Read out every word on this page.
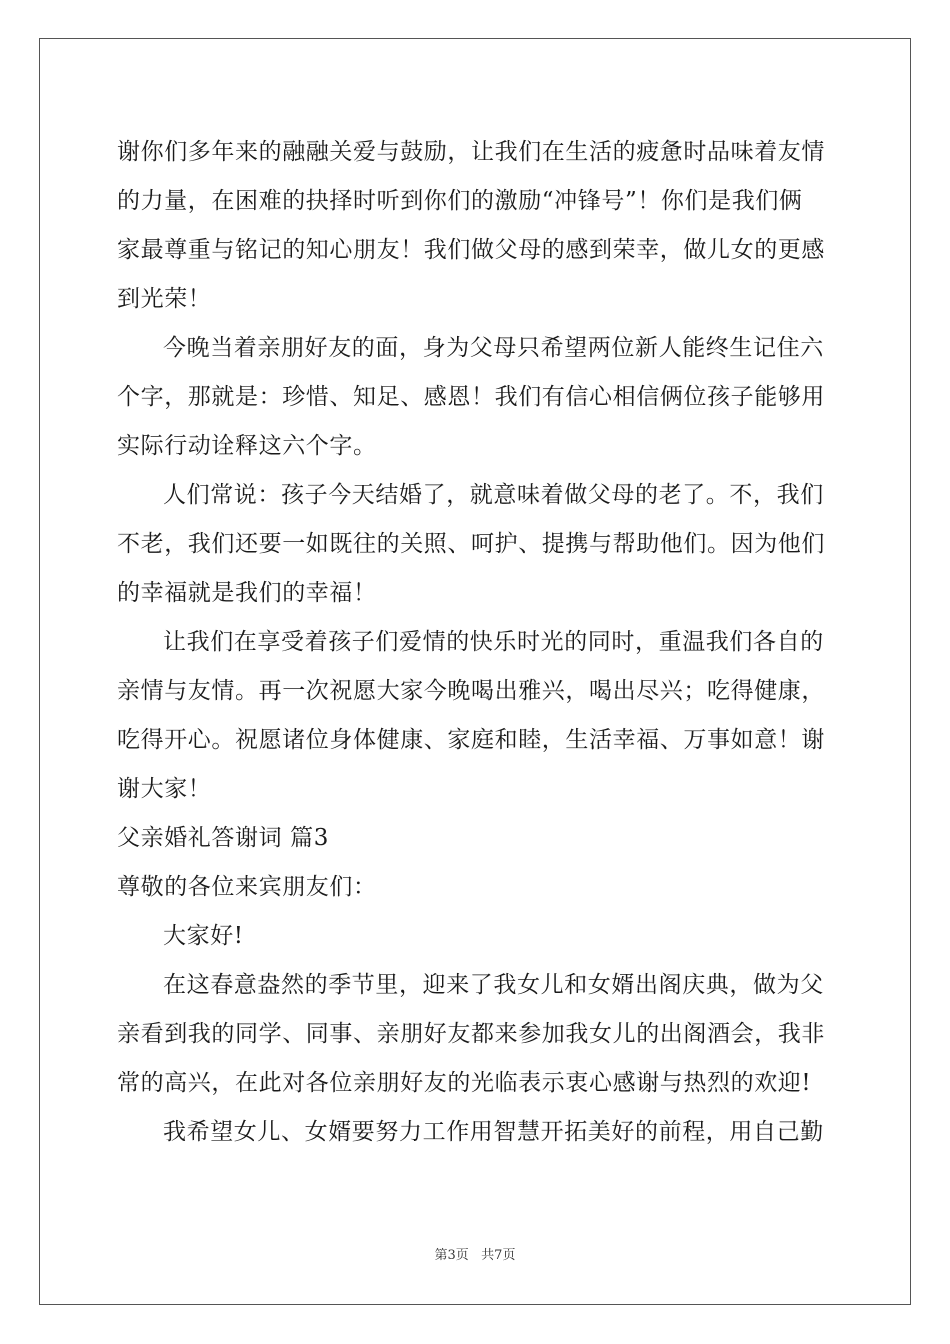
谢你们多年来的融融关爱与鼓励，让我们在生活的疲惫时品味着友情
的力量，在困难的抉择时听到你们的激励“冲锋号”！你们是我们俩
家最尊重与铭记的知心朋友！我们做父母的感到荣幸，做儿女的更感
到光荣！
今晚当着亲朋好友的面，身为父母只希望两位新人能终生记住六
个字，那就是：珍惜、知足、感恩！我们有信心相信俩位孩子能够用
实际行动诠释这六个字。
人们常说：孩子今天结婚了，就意味着做父母的老了。不，我们
不老，我们还要一如既往的关照、呵护、提携与帮助他们。因为他们
的幸福就是我们的幸福！
让我们在享受着孩子们爱情的快乐时光的同时，重温我们各自的
亲情与友情。再一次祝愿大家今晚喝出雅兴，喝出尽兴；吃得健康，
吃得开心。祝愿诸位身体健康、家庭和睦，生活幸福、万事如意！谢
谢大家！
父亲婚礼答谢词 篇3
尊敬的各位来宾朋友们：
大家好!
在这春意盎然的季节里，迎来了我女儿和女婿出阁庆典，做为父
亲看到我的同学、同事、亲朋好友都来参加我女儿的出阁酒会，我非
常的高兴，在此对各位亲朋好友的光临表示衷心感谢与热烈的欢迎!
我希望女儿、女婿要努力工作用智慧开拓美好的前程，用自己勤
第3页   共7页
